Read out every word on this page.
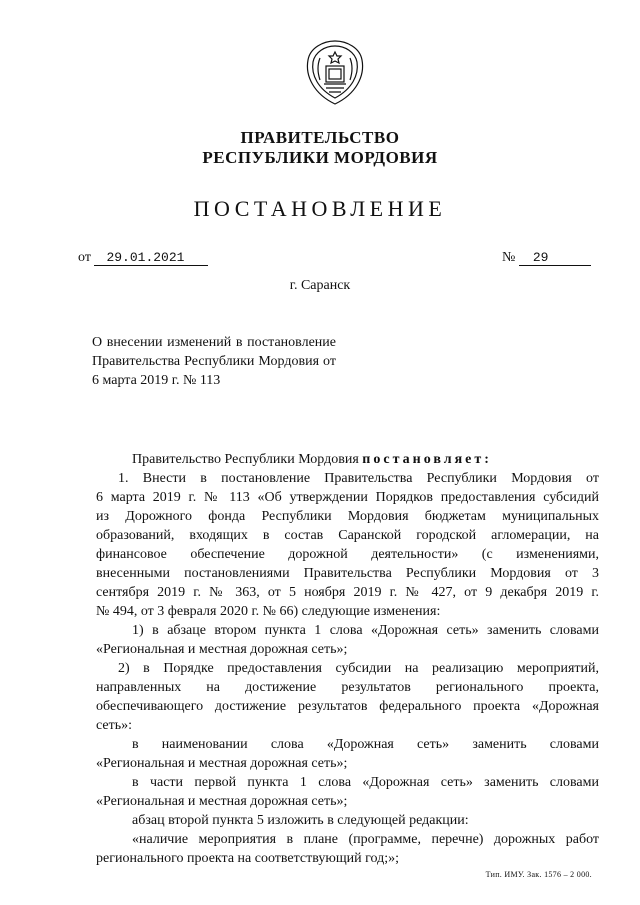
ПРАВИТЕЛЬСТВО
РЕСПУБЛИКИ МОРДОВИЯ
ПОСТАНОВЛЕНИЕ
от 29.01.2021	№ 29
г. Саранск
О внесении изменений в постановление Правительства Республики Мордовия от 6 марта 2019 г. № 113
Правительство Республики Мордовия постановляет:
1. Внести в постановление Правительства Республики Мордовия от
6 марта 2019 г. № 113 «Об утверждении Порядков предоставления субсидий
из Дорожного фонда Республики Мордовия бюджетам муниципальных
образований, входящих в состав Саранской городской агломерации, на
финансовое обеспечение дорожной деятельности» (с изменениями,
внесенными постановлениями Правительства Республики Мордовия от 3
сентября 2019 г. № 363, от 5 ноября 2019 г. № 427, от 9 декабря 2019 г.
№ 494, от 3 февраля 2020 г. № 66) следующие изменения:
1) в абзаце втором пункта 1 слова «Дорожная сеть» заменить словами
«Региональная и местная дорожная сеть»;
2) в Порядке предоставления субсидии на реализацию мероприятий,
направленных на достижение результатов регионального проекта,
обеспечивающего достижение результатов федерального проекта «Дорожная
сеть»:
в наименовании слова «Дорожная сеть» заменить словами
«Региональная и местная дорожная сеть»;
в части первой пункта 1 слова «Дорожная сеть» заменить словами
«Региональная и местная дорожная сеть»;
абзац второй пункта 5 изложить в следующей редакции:
«наличие мероприятия в плане (программе, перечне) дорожных работ
регионального проекта на соответствующий год;»;
Тип. ИМУ. Зак. 1576 – 2 000.
